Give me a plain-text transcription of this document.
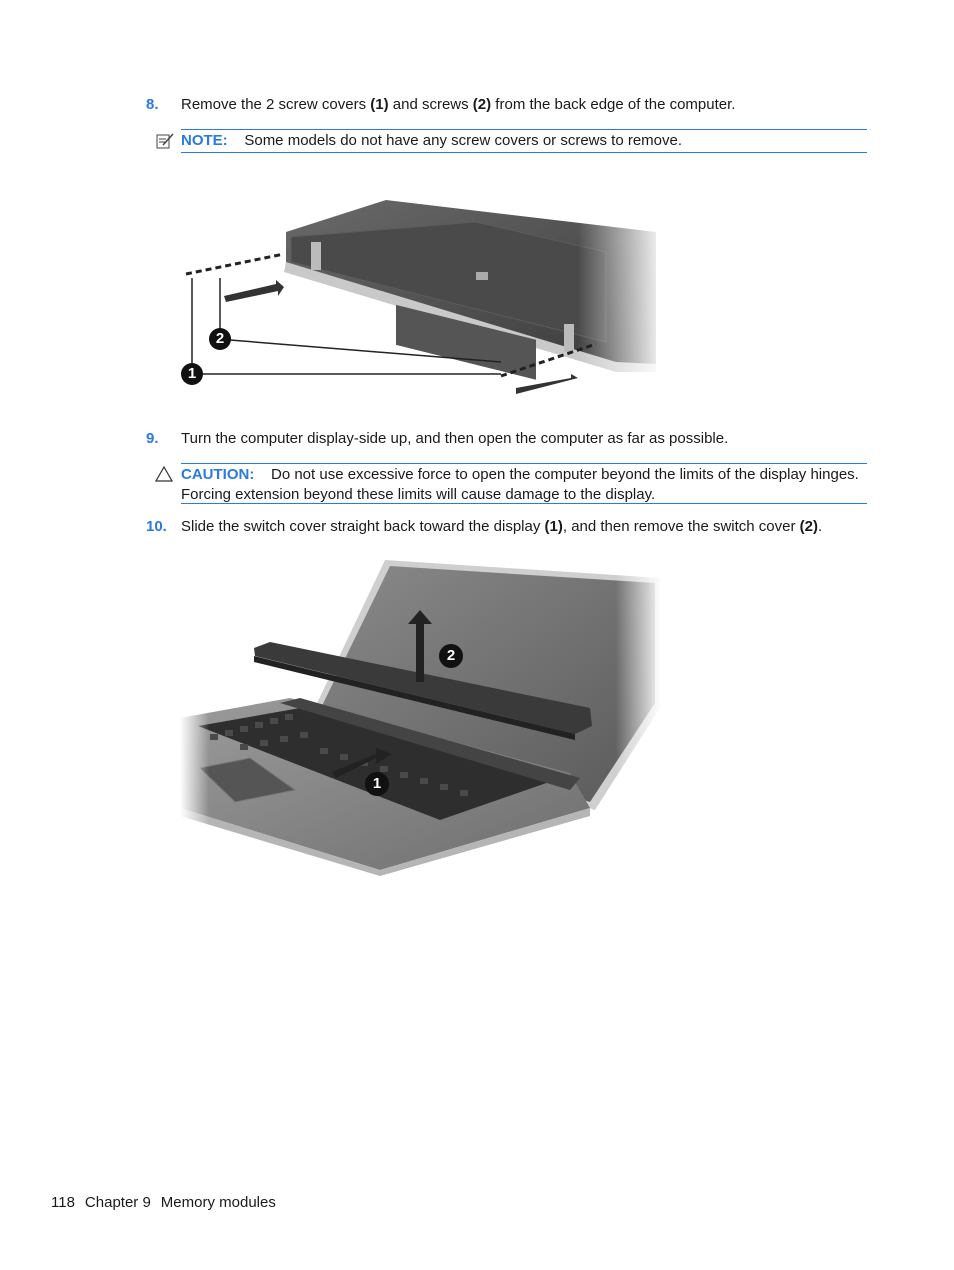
8. Remove the 2 screw covers (1) and screws (2) from the back edge of the computer.
NOTE: Some models do not have any screw covers or screws to remove.
2
1
9. Turn the computer display-side up, and then open the computer as far as possible.
CAUTION: Do not use excessive force to open the computer beyond the limits of the display hinges. Forcing extension beyond these limits will cause damage to the display.
10. Slide the switch cover straight back toward the display (1), and then remove the switch cover (2).
2
1
118 Chapter 9 Memory modules
